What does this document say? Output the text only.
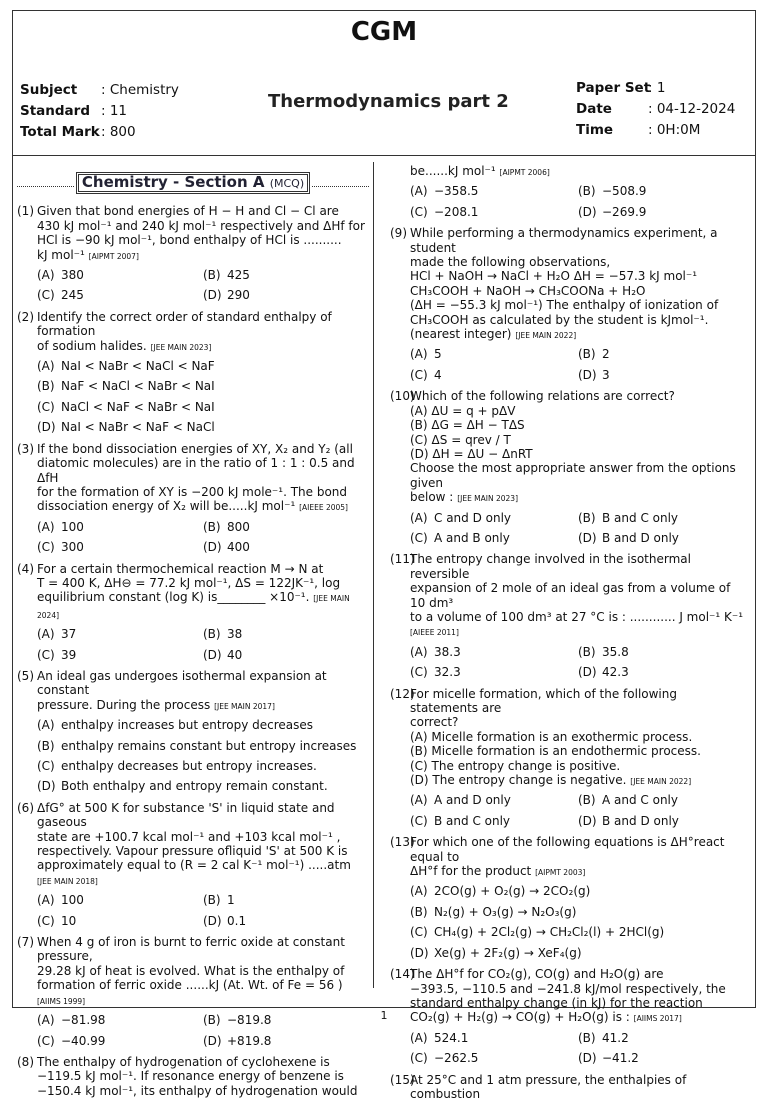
CGM
Subject	: Chemistry
Standard : 11
Total Mark : 800
Thermodynamics part 2
Paper Set
: 1
Date	: 04-12-2024
Time	: 0H:0M
Chemistry - Section A (MCQ)
(1) Given that bond energies of H − H and Cl − Cl are
430 kJ mol⁻¹ and 240 kJ mol⁻¹ respectively and ΔHf for
HCl is −90 kJ mol⁻¹, bond enthalpy of HCl is ..........
kJ mol⁻¹ [AIPMT 2007]
(A) 380	(B) 425
(C) 245	(D) 290
(2) Identify the correct order of standard enthalpy of formation
of sodium halides. [JEE MAIN 2023]
(A) NaI < NaBr < NaCl < NaF
(B) NaF < NaCl < NaBr < NaI
(C) NaCl < NaF < NaBr < NaI
(D) NaI < NaBr < NaF < NaCl
(3) If the bond dissociation energies of XY, X₂ and Y₂ (all
diatomic molecules) are in the ratio of 1 : 1 : 0.5 and ΔfH
for the formation of XY is −200 kJ mole⁻¹. The bond
dissociation energy of X₂ will be.....kJ mol⁻¹ [AIEEE 2005]
(A) 100	(B) 800
(C) 300	(D) 400
(4) For a certain thermochemical reaction M → N at
T = 400 K, ΔH⊖ = 77.2 kJ mol⁻¹, ΔS = 122JK⁻¹, log
equilibrium constant (log K) is________ ×10⁻¹. [JEE MAIN 2024]
(A) 37	(B) 38
(C) 39	(D) 40
(5) An ideal gas undergoes isothermal expansion at constant
pressure. During the process [JEE MAIN 2017]
(A) enthalpy increases but entropy decreases
(B) enthalpy remains constant but entropy increases
(C) enthalpy decreases but entropy increases.
(D) Both enthalpy and entropy remain constant.
(6) ΔfG° at 500 K for substance 'S' in liquid state and gaseous
state are +100.7 kcal mol⁻¹ and +103 kcal mol⁻¹ ,
respectively. Vapour pressure ofliquid 'S' at 500 K is
approximately equal to (R = 2 cal K⁻¹ mol⁻¹) .....atm [JEE MAIN 2018]
(A) 100	(B) 1
(C) 10	(D) 0.1
(7) When 4 g of iron is burnt to ferric oxide at constant pressure,
29.28 kJ of heat is evolved. What is the enthalpy of
formation of ferric oxide ......kJ (At. Wt. of Fe = 56 ) [AIIMS 1999]
(A) −81.98	(B) −819.8
(C) −40.99	(D) +819.8
(8) The enthalpy of hydrogenation of cyclohexene is
−119.5 kJ mol⁻¹. If resonance energy of benzene is
−150.4 kJ mol⁻¹, its enthalpy of hydrogenation would
be......kJ mol⁻¹ [AIPMT 2006]
(A) −358.5	(B) −508.9
(C) −208.1	(D) −269.9
(9) While performing a thermodynamics experiment, a student
made the following observations,
HCl + NaOH → NaCl + H₂O ΔH = −57.3 kJ mol⁻¹
CH₃COOH + NaOH → CH₃COONa + H₂O
(ΔH = −55.3 kJ mol⁻¹) The enthalpy of ionization of
CH₃COOH as calculated by the student is kJmol⁻¹.
(nearest integer) [JEE MAIN 2022]
(A) 5	(B) 2
(C) 4	(D) 3
(10)
Which of the following relations are correct?
(A) ΔU = q + pΔV
(B) ΔG = ΔH − TΔS
(C) ΔS = qrev / T
(D) ΔH = ΔU − ΔnRT
Choose the most appropriate answer from the options given
below : [JEE MAIN 2023]
(A) C and D only	(B) B and C only
(C) A and B only	(D) B and D only
(11)
The entropy change involved in the isothermal reversible
expansion of 2 mole of an ideal gas from a volume of 10 dm³
to a volume of 100 dm³ at 27 °C is : ............ J mol⁻¹ K⁻¹ [AIEEE 2011]
(A) 38.3	(B) 35.8
(C) 32.3	(D) 42.3
(12)
For micelle formation, which of the following statements are
correct?
(A) Micelle formation is an exothermic process.
(B) Micelle formation is an endothermic process.
(C) The entropy change is positive.
(D) The entropy change is negative. [JEE MAIN 2022]
(A) A and D only	(B) A and C only
(C) B and C only	(D) B and D only
(13)
For which one of the following equations is ΔH°react equal to
ΔH°f for the product [AIPMT 2003]
(A) 2CO(g) + O₂(g) → 2CO₂(g)
(B) N₂(g) + O₃(g) → N₂O₃(g)
(C) CH₄(g) + 2Cl₂(g) → CH₂Cl₂(l) + 2HCl(g)
(D) Xe(g) + 2F₂(g) → XeF₄(g)
(14)
The ΔH°f for CO₂(g), CO(g) and H₂O(g) are
−393.5, −110.5 and −241.8 kJ/mol respectively, the
standard enthalpy change (in kJ) for the reaction
CO₂(g) + H₂(g) → CO(g) + H₂O(g) is : [AIIMS 2017]
(A) 524.1	(B) 41.2
(C) −262.5	(D) −41.2
(15)
At 25°C and 1 atm pressure, the enthalpies of combustion
1
